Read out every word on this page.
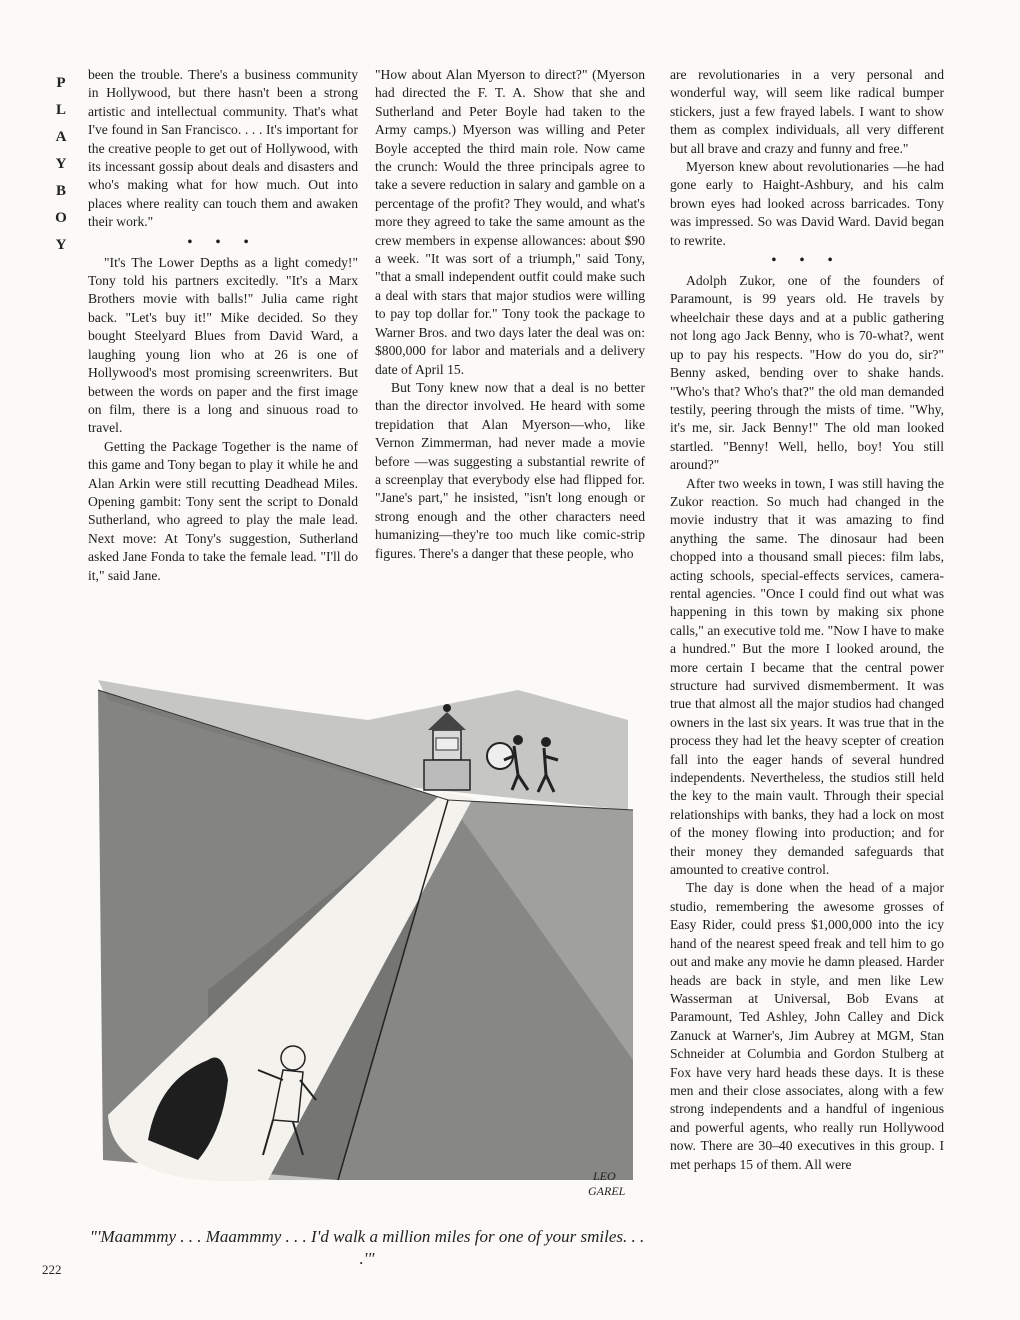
P
L
A
Y
B
O
Y

been the trouble. There's a business community in Hollywood, but there hasn't been a strong artistic and intellectual community. That's what I've found in San Francisco. . . . It's important for the creative people to get out of Hollywood, with its incessant gossip about deals and disasters and who's making what for how much. Out into places where reality can touch them and awaken their work."

• • •

"It's The Lower Depths as a light comedy!" Tony told his partners excitedly. "It's a Marx Brothers movie with balls!" Julia came right back. "Let's buy it!" Mike decided. So they bought Steelyard Blues from David Ward, a laughing young lion who at 26 is one of Hollywood's most promising screenwriters. But between the words on paper and the first image on film, there is a long and sinuous road to travel.

Getting the Package Together is the name of this game and Tony began to play it while he and Alan Arkin were still recutting Deadhead Miles. Opening gambit: Tony sent the script to Donald Sutherland, who agreed to play the male lead. Next move: At Tony's suggestion, Sutherland asked Jane Fonda to take the female lead. "I'll do it," said Jane.

"How about Alan Myerson to direct?" (Myerson had directed the F. T. A. Show that she and Sutherland and Peter Boyle had taken to the Army camps.) Myerson was willing and Peter Boyle accepted the third main role. Now came the crunch: Would the three principals agree to take a severe reduction in salary and gamble on a percentage of the profit? They would, and what's more they agreed to take the same amount as the crew members in expense allowances: about $90 a week. "It was sort of a triumph," said Tony, "that a small independent outfit could make such a deal with stars that major studios were willing to pay top dollar for." Tony took the package to Warner Bros. and two days later the deal was on: $800,000 for labor and materials and a delivery date of April 15.

But Tony knew now that a deal is no better than the director involved. He heard with some trepidation that Alan Myerson—who, like Vernon Zimmerman, had never made a movie before —was suggesting a substantial rewrite of a screenplay that everybody else had flipped for. "Jane's part," he insisted, "isn't long enough or strong enough and the other characters need humanizing—they're too much like comic-strip figures. There's a danger that these people, who

are revolutionaries in a very personal and wonderful way, will seem like radical bumper stickers, just a few frayed labels. I want to show them as complex individuals, all very different but all brave and crazy and funny and free."

Myerson knew about revolutionaries —he had gone early to Haight-Ashbury, and his calm brown eyes had looked across barricades. Tony was impressed. So was David Ward. David began to rewrite.

• • •

Adolph Zukor, one of the founders of Paramount, is 99 years old. He travels by wheelchair these days and at a public gathering not long ago Jack Benny, who is 70-what?, went up to pay his respects. "How do you do, sir?" Benny asked, bending over to shake hands. "Who's that? Who's that?" the old man demanded testily, peering through the mists of time. "Why, it's me, sir. Jack Benny!" The old man looked startled. "Benny! Well, hello, boy! You still around?"

After two weeks in town, I was still having the Zukor reaction. So much had changed in the movie industry that it was amazing to find anything the same. The dinosaur had been chopped into a thousand small pieces: film labs, acting schools, special-effects services, camera-rental agencies. "Once I could find out what was happening in this town by making six phone calls," an executive told me. "Now I have to make a hundred." But the more I looked around, the more certain I became that the central power structure had survived dismemberment. It was true that almost all the major studios had changed owners in the last six years. It was true that in the process they had let the heavy scepter of creation fall into the eager hands of several hundred independents. Nevertheless, the studios still held the key to the main vault. Through their special relationships with banks, they had a lock on most of the money flowing into production; and for their money they demanded safeguards that amounted to creative control.

The day is done when the head of a major studio, remembering the awesome grosses of Easy Rider, could press $1,000,000 into the icy hand of the nearest speed freak and tell him to go out and make any movie he damn pleased. Harder heads are back in style, and men like Lew Wasserman at Universal, Bob Evans at Paramount, Ted Ashley, John Calley and Dick Zanuck at Warner's, Jim Aubrey at MGM, Stan Schneider at Columbia and Gordon Stulberg at Fox have very hard heads these days. It is these men and their close associates, along with a few strong independents and a handful of ingenious and powerful agents, who really run Hollywood now. There are 30–40 executives in this group. I met perhaps 15 of them. All were

LEO
GAREL
"'Maammmy . . . Maammmy . . . I'd walk a million miles for one of your smiles. . . .'"
222
